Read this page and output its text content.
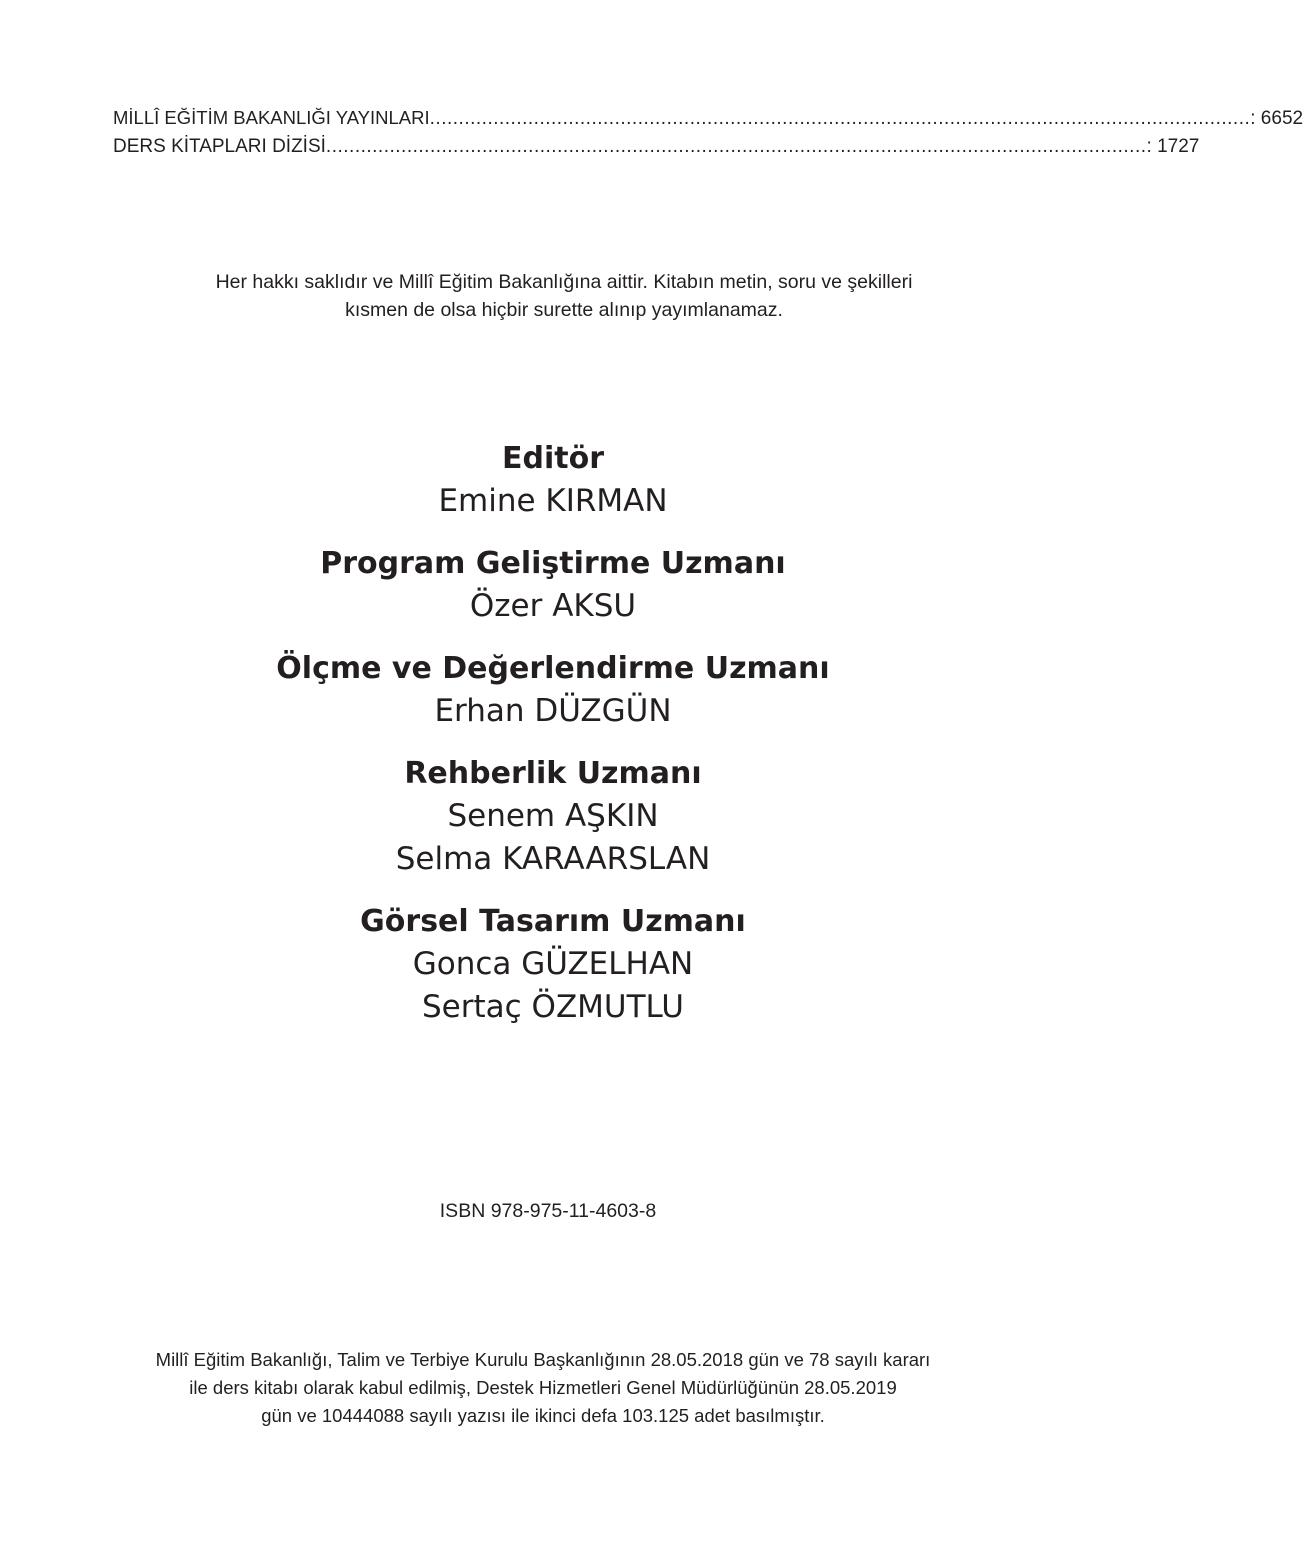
MİLLÎ EĞİTİM BAKANLIĞI YAYINLARI .............................................................................................................................................. : 6652
DERS KİTAPLARI DİZİSİ .............................................................................................................................................. : 1727

Her hakkı saklıdır ve Millî Eğitim Bakanlığına aittir. Kitabın metin, soru ve şekilleri

kısmen de olsa hiçbir surette alınıp yayımlanamaz.

Editör

Emine KIRMAN

Program Geliştirme Uzmanı

Özer AKSU

Ölçme ve Değerlendirme Uzmanı

Erhan DÜZGÜN

Rehberlik Uzmanı

Senem AŞKIN

Selma KARAARSLAN

Görsel Tasarım Uzmanı

Gonca GÜZELHAN

Sertaç ÖZMUTLU

ISBN 978-975-11-4603-8

Millî Eğitim Bakanlığı, Talim ve Terbiye Kurulu Başkanlığının 28.05.2018 gün ve 78 sayılı kararı

ile ders kitabı olarak kabul edilmiş, Destek Hizmetleri Genel Müdürlüğünün 28.05.2019

gün ve 10444088 sayılı yazısı ile ikinci defa 103.125 adet basılmıştır.
